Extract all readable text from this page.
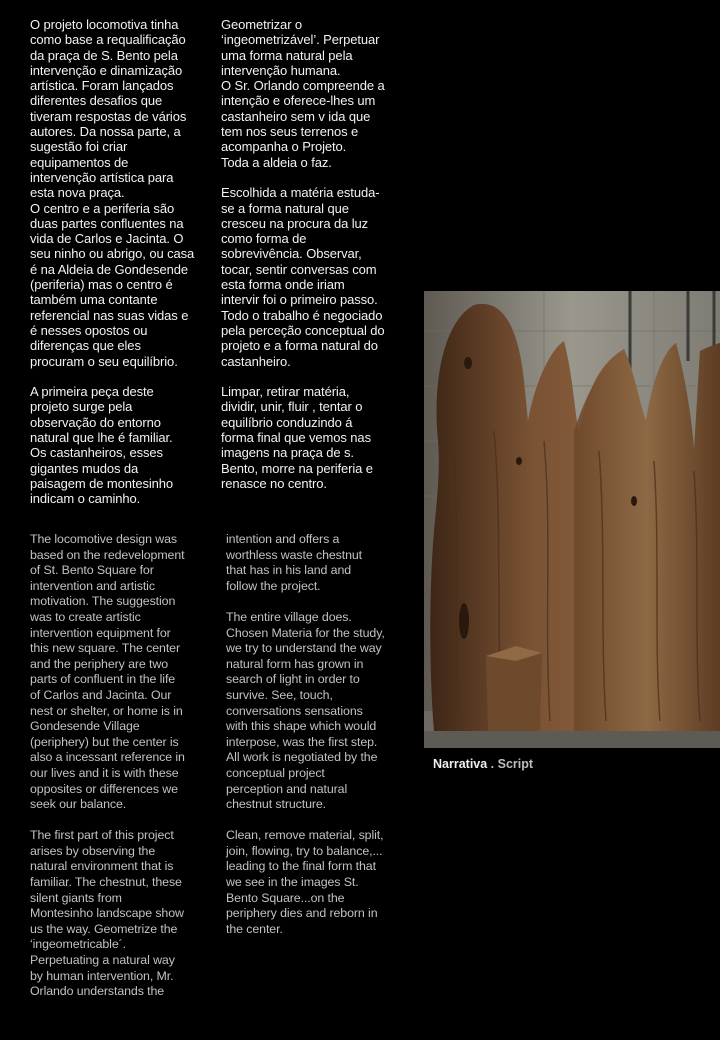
O projeto locomotiva tinha
como base a requalificação
da praça de S. Bento pela
intervenção e dinamização
artística. Foram lançados
diferentes desafios que
tiveram respostas de vários
autores. Da nossa parte, a
sugestão foi criar
equipamentos de
intervenção artística para
esta nova praça.
O centro e a periferia são
duas partes confluentes na
vida de Carlos e Jacinta. O
seu ninho ou abrigo, ou casa
é na Aldeia de Gondesende
(periferia) mas o centro é
também uma contante
referencial nas suas vidas e
é nesses opostos ou
diferenças que eles
procuram o seu equilíbrio.

A primeira peça deste
projeto surge pela
observação do entorno
natural que lhe é familiar.
Os castanheiros, esses
gigantes mudos da
paisagem de montesinho
indicam o caminho.
Geometrizar o
‘ingeometrizável’. Perpetuar
uma forma natural pela
intervenção humana.
O Sr. Orlando compreende a
intenção e oferece-lhes um
castanheiro sem v ida que
tem nos seus terrenos e
acompanha o Projeto.
Toda a aldeia o faz.

Escolhida a matéria estuda-
se a forma natural que
cresceu na procura da luz
como forma de
sobrevivência. Observar,
tocar, sentir conversas com
esta forma onde iriam
intervir foi o primeiro passo.
Todo o trabalho é negociado
pela perceção conceptual do
projeto e a forma natural do
castanheiro.

Limpar, retirar matéria,
dividir, unir, fluir , tentar o
equilíbrio conduzindo á
forma final que vemos nas
imagens na praça de s.
Bento, morre na periferia e
renasce no centro.
The locomotive design was
based on the redevelopment
of St. Bento Square for
intervention and artistic
motivation. The suggestion
was to create artistic
intervention equipment for
this new square. The center
and the periphery are two
parts of confluent in the life
of Carlos and Jacinta. Our
nest or shelter, or home is in
Gondesende Village
(periphery) but the center is
also a incessant reference in
our lives and it is with these
opposites or differences we
seek our balance.

The first part of this project
arises by observing the
natural environment that is
familiar. The chestnut, these
silent giants from
Montesinho landscape show
us the way. Geometrize the
‘ingeometricable´.
Perpetuating a natural way
by human intervention, Mr.
Orlando understands the
intention and offers a
worthless waste chestnut
that has in his land and
follow the project.

The entire village does.
Chosen Materia for the study,
we try to understand the way
natural form has grown in
search of light in order to
survive. See, touch,
conversations sensations
with this shape which would
interpose, was the first step.
All work is negotiated by the
conceptual project
perception and natural
chestnut structure.

Clean, remove material, split,
join, flowing, try to balance,...
leading to the final form that
we see in the images St.
Bento Square...on the
periphery dies and reborn in
the center.
Narrativa . Script
